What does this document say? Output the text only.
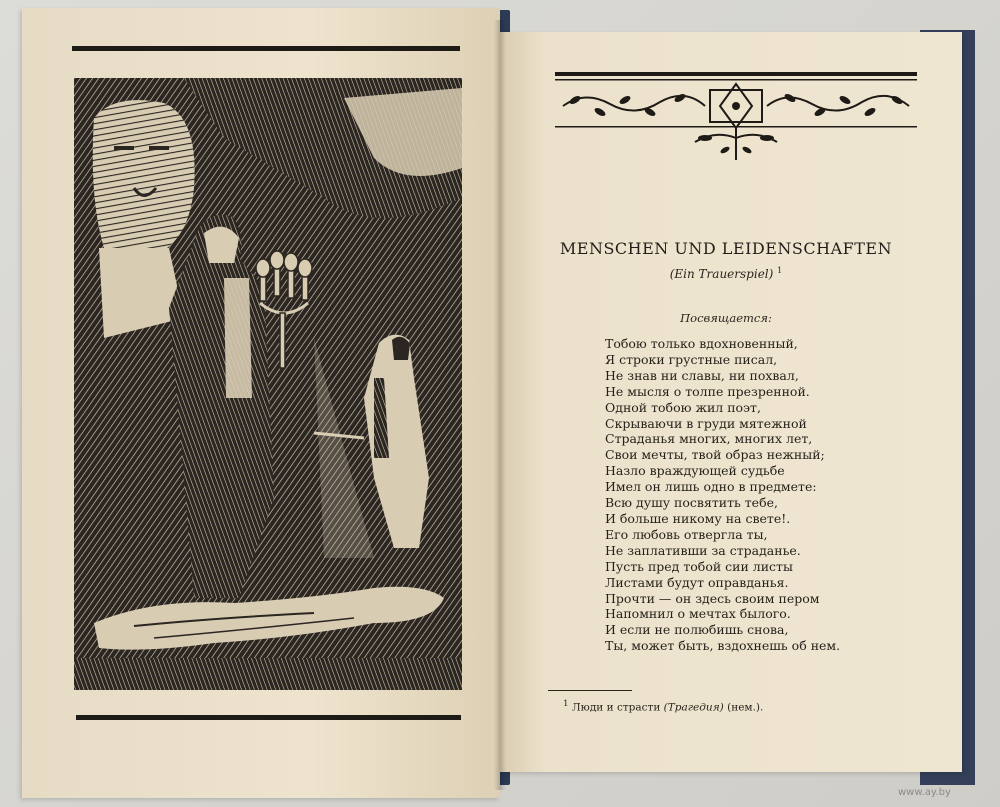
MENSCHEN UND LEIDENSCHAFTEN
(Ein Trauerspiel) $^1$
Посвящается:
Тобою только вдохновенный,
Я строки грустные писал,
Не знав ни славы, ни похвал,
Не мысля о толпе презренной.
Одной тобою жил поэт,
Скрываючи в груди мятежной
Страданья многих, многих лет,
Свои мечты, твой образ нежный;
Назло враждующей судьбе
Имел он лишь одно в предмете:
Всю душу посвятить тебе,
И больше никому на свете!.
Его любовь отвергла ты,
Не заплативши за страданье.
Пусть пред тобой сии листы
Листами будут оправданья.
Прочти — он здесь своим пером
Напомнил о мечтах былого.
И если не полюбишь снова,
Ты, может быть, вздохнешь об нем.
$^1$ Люди и страсти (Трагедия) (нем.).
www.ay.by
